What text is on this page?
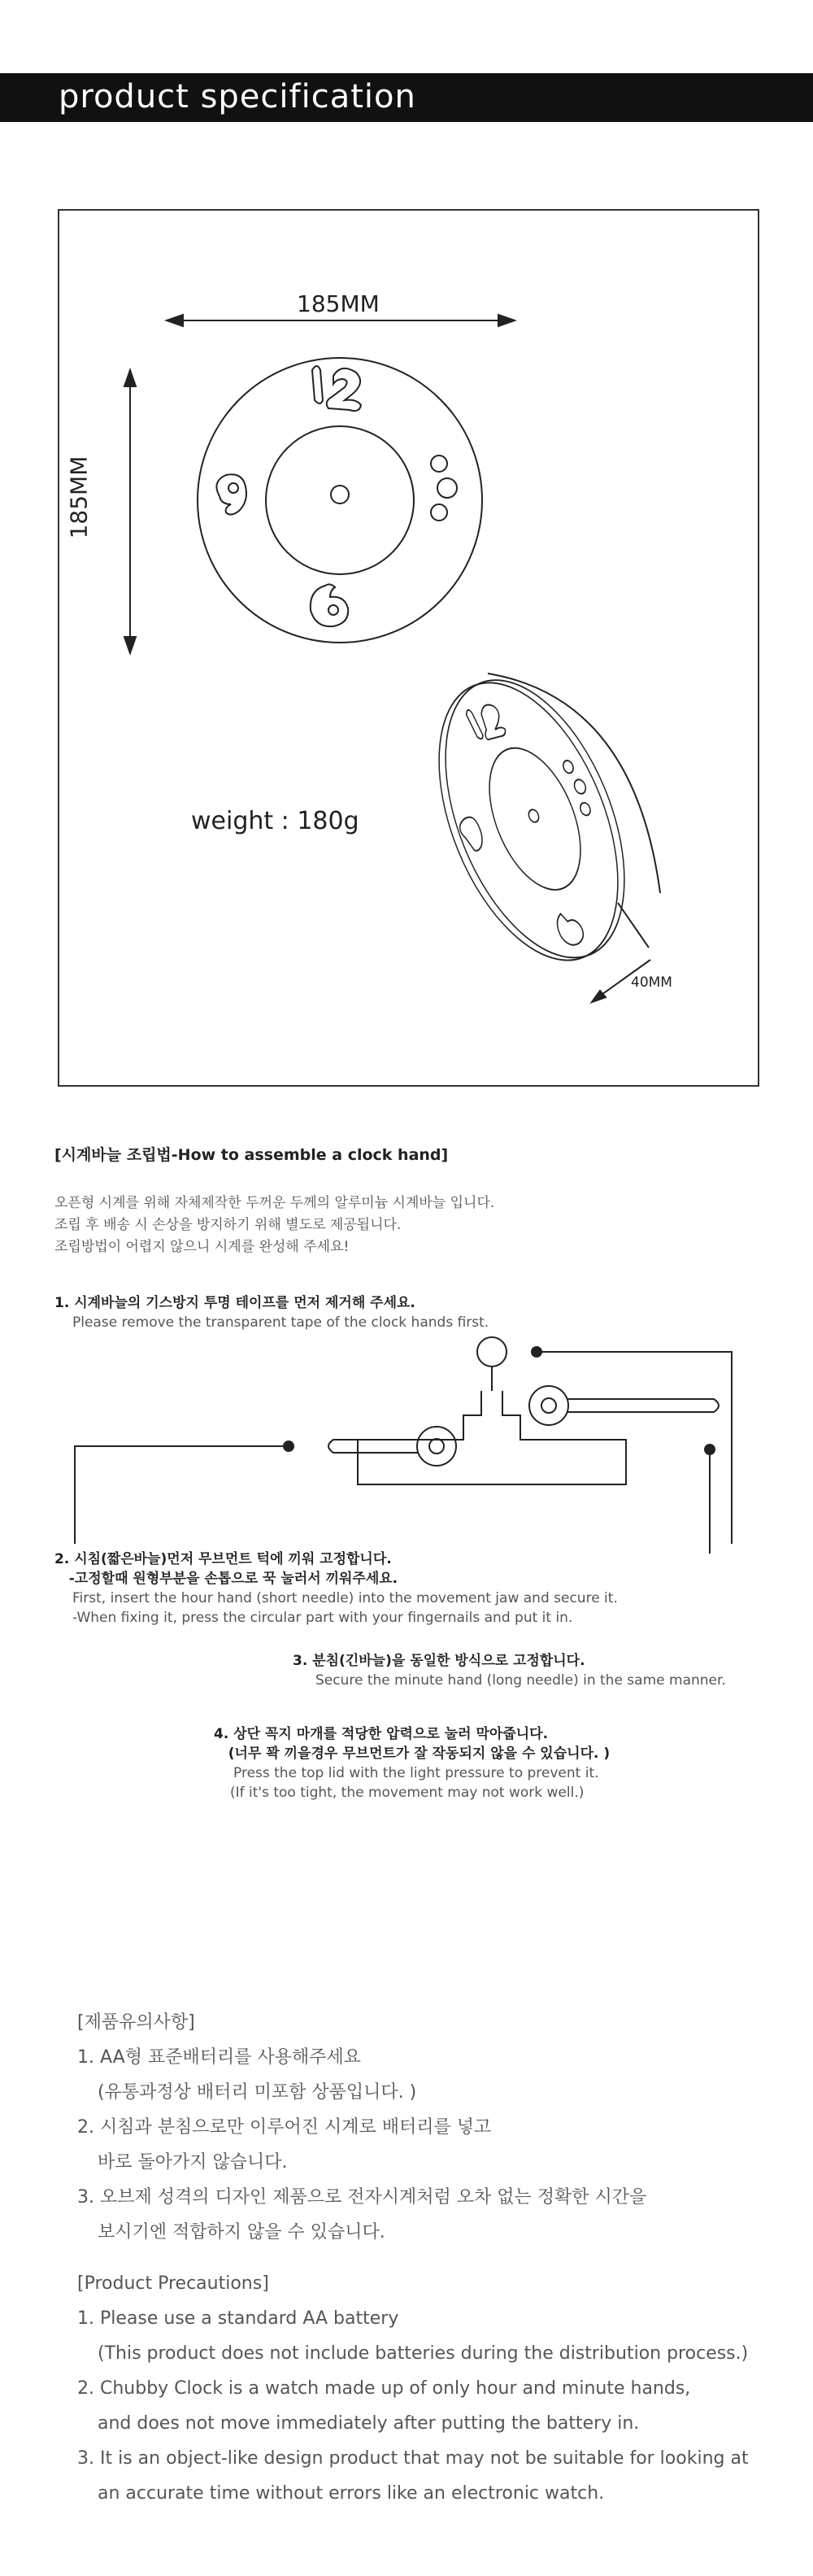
product specification
185MM
185MM
40MM
weight : 180g
[시계바늘 조립법-How to assemble a clock hand]
오픈형 시계를 위해 자체제작한 두꺼운 두께의 알루미늄 시계바늘 입니다.
조립 후 배송 시 손상을 방지하기 위해 별도로 제공됩니다.
조립방법이 어렵지 않으니 시계를 완성해 주세요!
1. 시계바늘의 기스방지 투명 테이프를 먼저 제거해 주세요.
Please remove the transparent tape of the clock hands first.
2. 시침(짧은바늘)먼저 무브먼트 턱에 끼워 고정합니다.
-고정할때 원형부분을 손톱으로 꾹 눌러서 끼워주세요.
First, insert the hour hand (short needle) into the movement jaw and secure it.
-When fixing it, press the circular part with your fingernails and put it in.
3. 분침(긴바늘)을 동일한 방식으로 고정합니다.
Secure the minute hand (long needle) in the same manner.
4. 상단 꼭지 마개를 적당한 압력으로 눌러 막아줍니다.
(너무 꽉 끼을경우 무브먼트가 잘 작동되지 않을 수 있습니다. )
Press the top lid with the light pressure to prevent it.
(If it's too tight, the movement may not work well.)
[제품유의사항]
1. AA형 표준배터리를 사용해주세요
(유통과정상 배터리 미포함 상품입니다. )
2. 시침과 분침으로만 이루어진 시계로 배터리를 넣고
바로 돌아가지 않습니다.
3. 오브제 성격의 디자인 제품으로 전자시계처럼 오차 없는 정확한 시간을
보시기엔 적합하지 않을 수 있습니다.
[Product Precautions]
1. Please use a standard AA battery
(This product does not include batteries during the distribution process.)
2. Chubby Clock is a watch made up of only hour and minute hands,
and does not move immediately after putting the battery in.
3. It is an object-like design product that may not be suitable for looking at
an accurate time without errors like an electronic watch.
